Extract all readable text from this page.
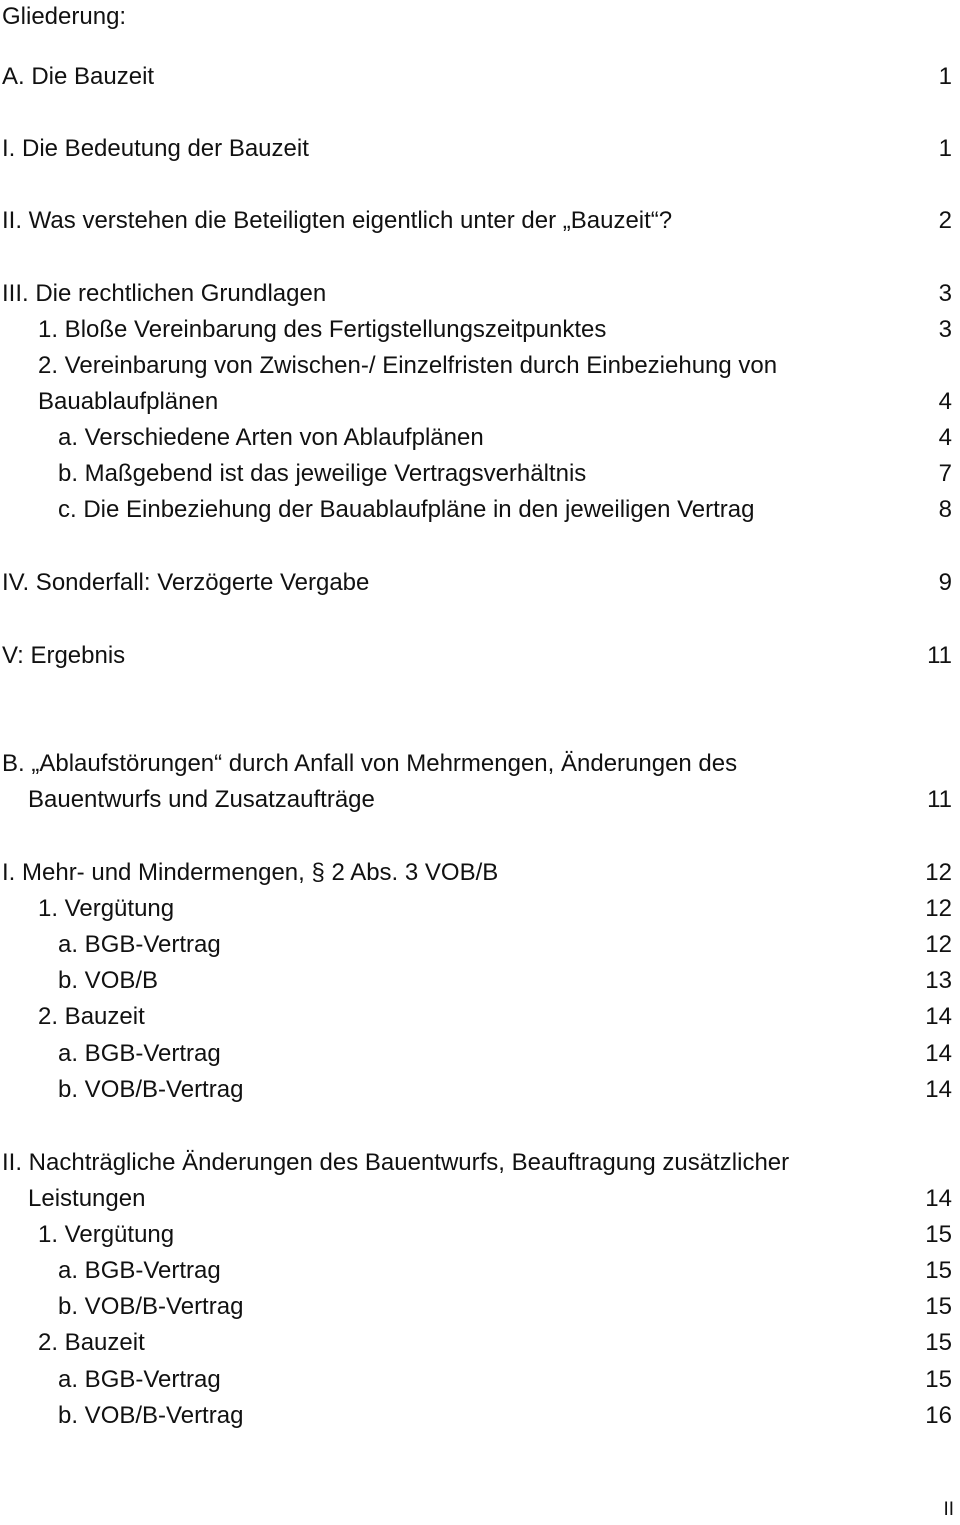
Gliederung:
A. Die Bauzeit	1
I. Die Bedeutung der Bauzeit	1
II. Was verstehen die Beteiligten eigentlich unter der „Bauzeit“?	2
III. Die rechtlichen Grundlagen	3
1. Bloße Vereinbarung des Fertigstellungszeitpunktes	3
2. Vereinbarung von Zwischen-/ Einzelfristen durch Einbeziehung von
Bauablaufplänen	4
a. Verschiedene Arten von Ablaufplänen	4
b. Maßgebend ist das jeweilige Vertragsverhältnis	7
c. Die Einbeziehung der Bauablaufpläne in den jeweiligen Vertrag	8
IV. Sonderfall: Verzögerte Vergabe	9
V: Ergebnis	11
B. „Ablaufstörungen“ durch Anfall von Mehrmengen, Änderungen des
Bauentwurfs und Zusatzaufträge	11
I. Mehr- und Mindermengen, § 2 Abs. 3 VOB/B	12
1. Vergütung	12
a. BGB-Vertrag	12
b. VOB/B	13
2. Bauzeit	14
a. BGB-Vertrag	14
b. VOB/B-Vertrag	14
II. Nachträgliche Änderungen des Bauentwurfs, Beauftragung zusätzlicher
Leistungen	14
1. Vergütung	15
a. BGB-Vertrag	15
b. VOB/B-Vertrag	15
2. Bauzeit	15
a. BGB-Vertrag	15
b. VOB/B-Vertrag	16
II
